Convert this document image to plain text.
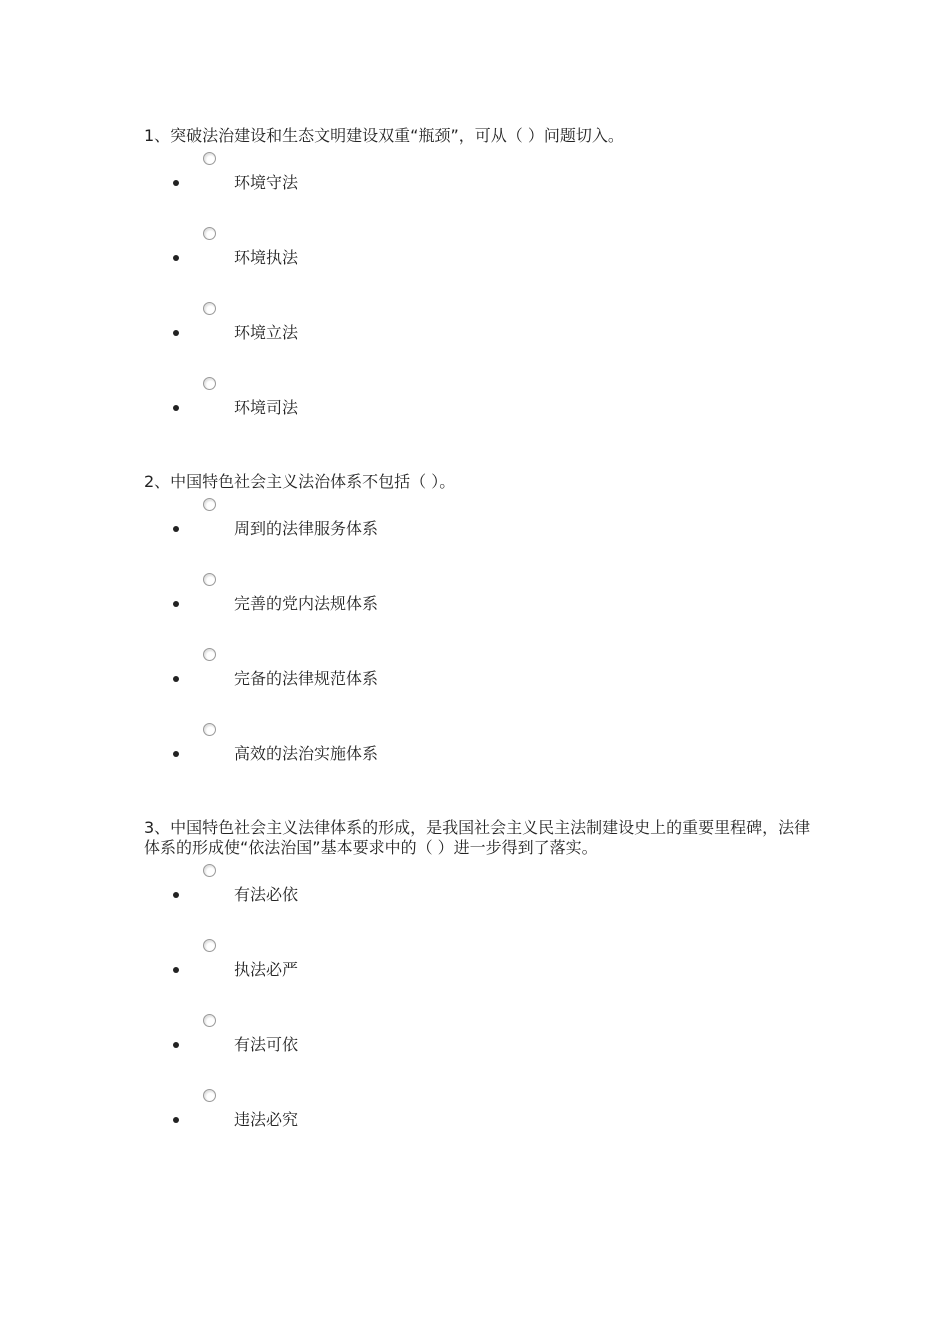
1、突破法治建设和生态文明建设双重“瓶颈”，可从（ ）问题切入。

环境守法
环境执法
环境立法
环境司法

2、中国特色社会主义法治体系不包括（ ）。

周到的法律服务体系
完善的党内法规体系
完备的法律规范体系
高效的法治实施体系

3、中国特色社会主义法律体系的形成，是我国社会主义民主法制建设史上的重要里程碑，法律体系的形成使“依法治国”基本要求中的（ ）进一步得到了落实。

有法必依
执法必严
有法可依
违法必究
